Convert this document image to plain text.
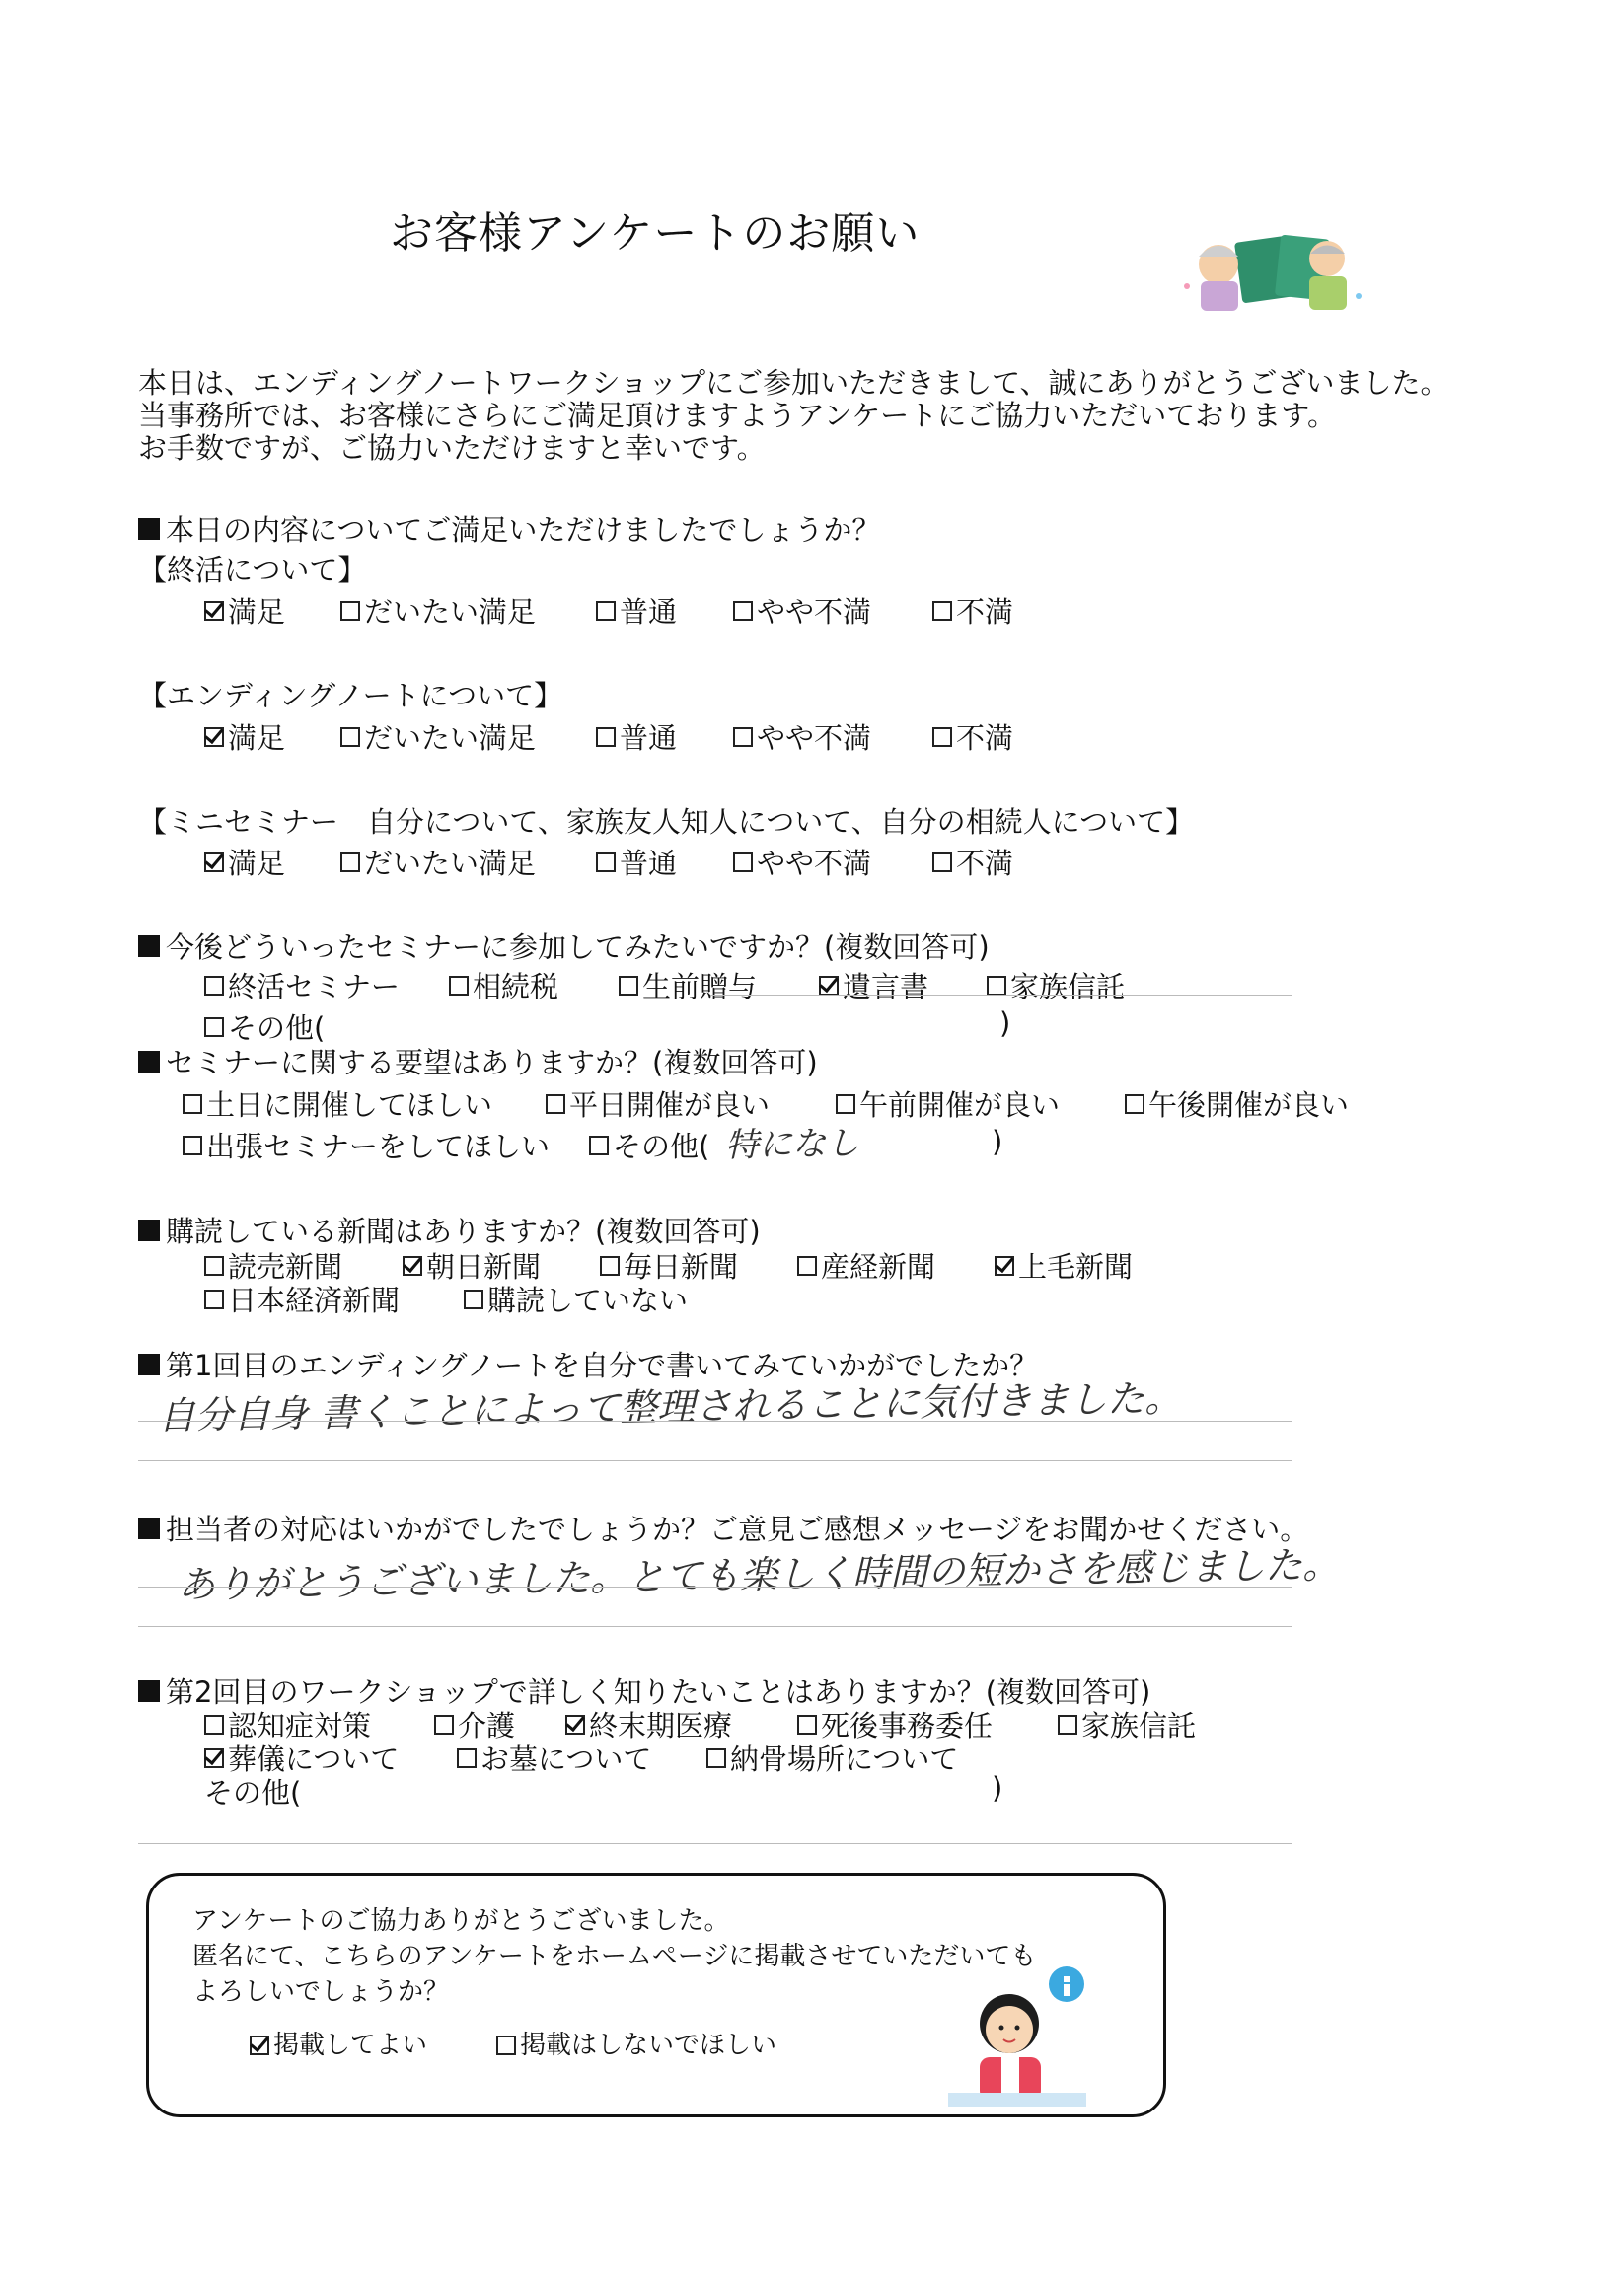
お客様アンケートのお願い
本日は、エンディングノートワークショップにご参加いただきまして、誠にありがとうございました。
当事務所では、お客様にさらにご満足頂けますようアンケートにご協力いただいております。
お手数ですが、ご協力いただけますと幸いです。
本日の内容についてご満足いただけましたでしょうか？
【終活について】
満足	だいたい満足	普通	やや不満	不満
【エンディングノートについて】
満足	だいたい満足	普通	やや不満	不満
【ミニセミナー　自分について、家族友人知人について、自分の相続人について】
満足	だいたい満足	普通	やや不満	不満
今後どういったセミナーに参加してみたいですか？(複数回答可)
終活セミナー	相続税	生前贈与	遺言書	家族信託
その他(	)
セミナーに関する要望はありますか？(複数回答可)
土日に開催してほしい	平日開催が良い	午前開催が良い	午後開催が良い
出張セミナーをしてほしい その他( 特になし	)
購読している新聞はありますか？(複数回答可)
読売新聞	朝日新聞	毎日新聞	産経新聞	上毛新聞
日本経済新聞	購読していない
第1回目のエンディングノートを自分で書いてみていかがでしたか？
自分自身 書くことによって整理されることに気付きました。
担当者の対応はいかがでしたでしょうか？ご意見ご感想メッセージをお聞かせください。
ありがとうございました。とても楽しく時間の短かさを感じました。
第2回目のワークショップで詳しく知りたいことはありますか？(複数回答可)
認知症対策	介護	終末期医療	死後事務委任	家族信託
葬儀について	お墓について	納骨場所について
その他(	)
アンケートのご協力ありがとうございました。
匿名にて、こちらのアンケートをホームページに掲載させていただいても
よろしいでしょうか？
掲載してよい	掲載はしないでほしい
